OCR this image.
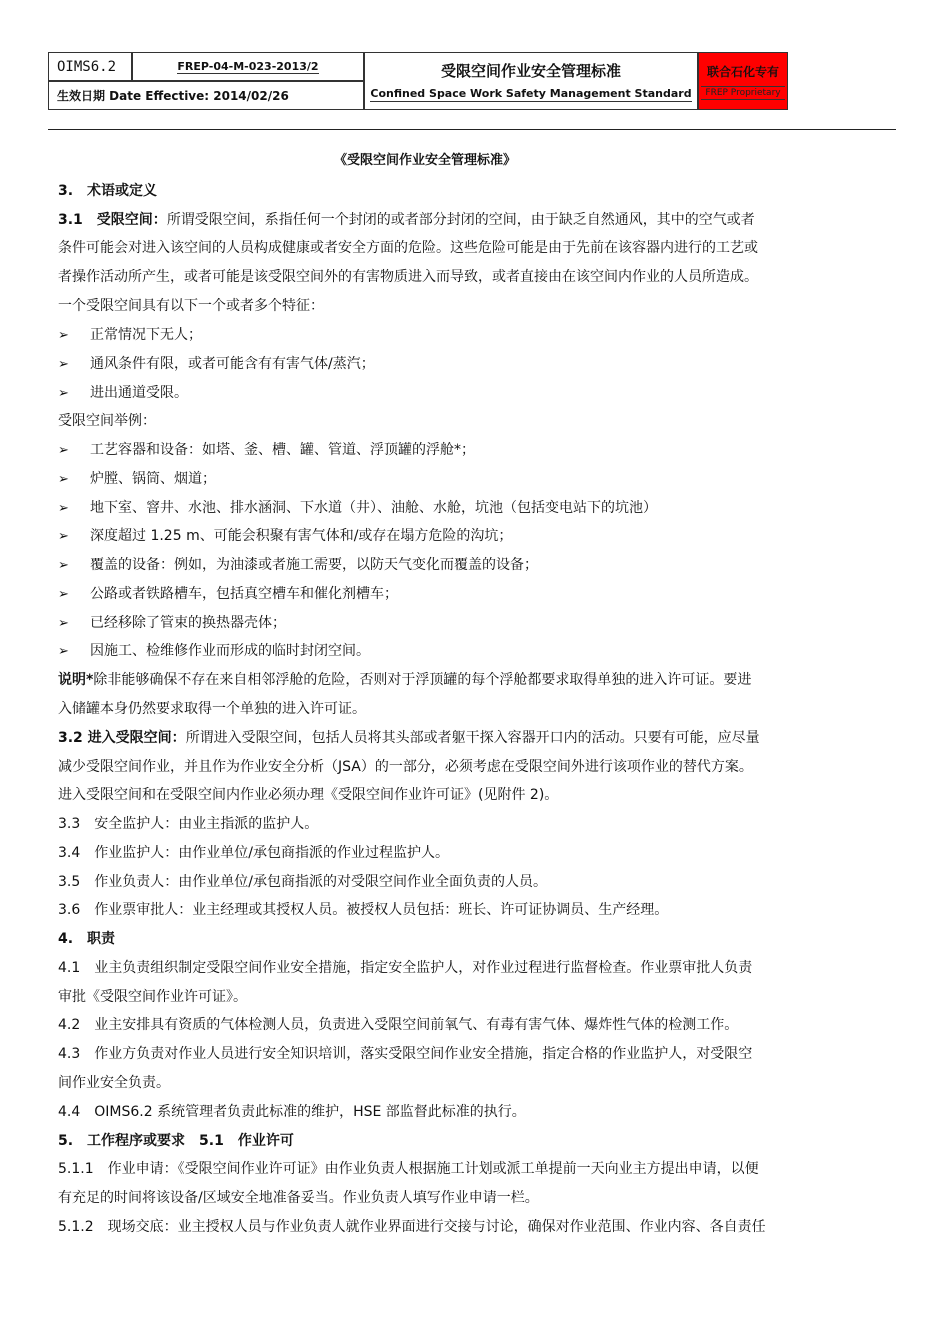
OIMS6.2	FREP-04-M-023-2013/2
生效日期 Date Effective: 2014/02/26
受限空间作业安全管理标准
Confined Space Work Safety Management Standard
联合石化专有
FREP Proprietary
《受限空间作业安全管理标准》
3.　术语或定义
3.1　受限空间：所谓受限空间，系指任何一个封闭的或者部分封闭的空间，由于缺乏自然通风，其中的空气或者
条件可能会对进入该空间的人员构成健康或者安全方面的危险。这些危险可能是由于先前在该容器内进行的工艺或
者操作活动所产生，或者可能是该受限空间外的有害物质进入而导致，或者直接由在该空间内作业的人员所造成。
一个受限空间具有以下一个或者多个特征：
➢ 正常情况下无人；
➢ 通风条件有限，或者可能含有有害气体/蒸汽；
➢ 进出通道受限。
受限空间举例：
➢ 工艺容器和设备：如塔、釜、槽、罐、管道、浮顶罐的浮舱*；
➢ 炉膛、锅筒、烟道；
➢ 地下室、窨井、水池、排水涵洞、下水道（井）、油舱、水舱，坑池（包括变电站下的坑池）
➢ 深度超过 1.25 m、可能会积聚有害气体和/或存在塌方危险的沟坑；
➢ 覆盖的设备：例如，为油漆或者施工需要，以防天气变化而覆盖的设备；
➢ 公路或者铁路槽车，包括真空槽车和催化剂槽车；
➢ 已经移除了管束的换热器壳体；
➢ 因施工、检维修作业而形成的临时封闭空间。
说明*除非能够确保不存在来自相邻浮舱的危险，否则对于浮顶罐的每个浮舱都要求取得单独的进入许可证。要进
入储罐本身仍然要求取得一个单独的进入许可证。
3.2 进入受限空间：所谓进入受限空间，包括人员将其头部或者躯干探入容器开口内的活动。只要有可能，应尽量
减少受限空间作业，并且作为作业安全分析（JSA）的一部分，必须考虑在受限空间外进行该项作业的替代方案。
进入受限空间和在受限空间内作业必须办理《受限空间作业许可证》(见附件 2)。
3.3　安全监护人：由业主指派的监护人。
3.4　作业监护人：由作业单位/承包商指派的作业过程监护人。
3.5　作业负责人：由作业单位/承包商指派的对受限空间作业全面负责的人员。
3.6　作业票审批人：业主经理或其授权人员。被授权人员包括：班长、许可证协调员、生产经理。
4.　职责
4.1　业主负责组织制定受限空间作业安全措施，指定安全监护人，对作业过程进行监督检查。作业票审批人负责
审批《受限空间作业许可证》。
4.2　业主安排具有资质的气体检测人员，负责进入受限空间前氧气、有毒有害气体、爆炸性气体的检测工作。
4.3　作业方负责对作业人员进行安全知识培训，落实受限空间作业安全措施，指定合格的作业监护人，对受限空
间作业安全负责。
4.4　OIMS6.2 系统管理者负责此标准的维护，HSE 部监督此标准的执行。
5.　工作程序或要求　5.1　作业许可
5.1.1　作业申请：《受限空间作业许可证》由作业负责人根据施工计划或派工单提前一天向业主方提出申请，以便
有充足的时间将该设备/区域安全地准备妥当。作业负责人填写作业申请一栏。
5.1.2　现场交底：业主授权人员与作业负责人就作业界面进行交接与讨论，确保对作业范围、作业内容、各自责任
